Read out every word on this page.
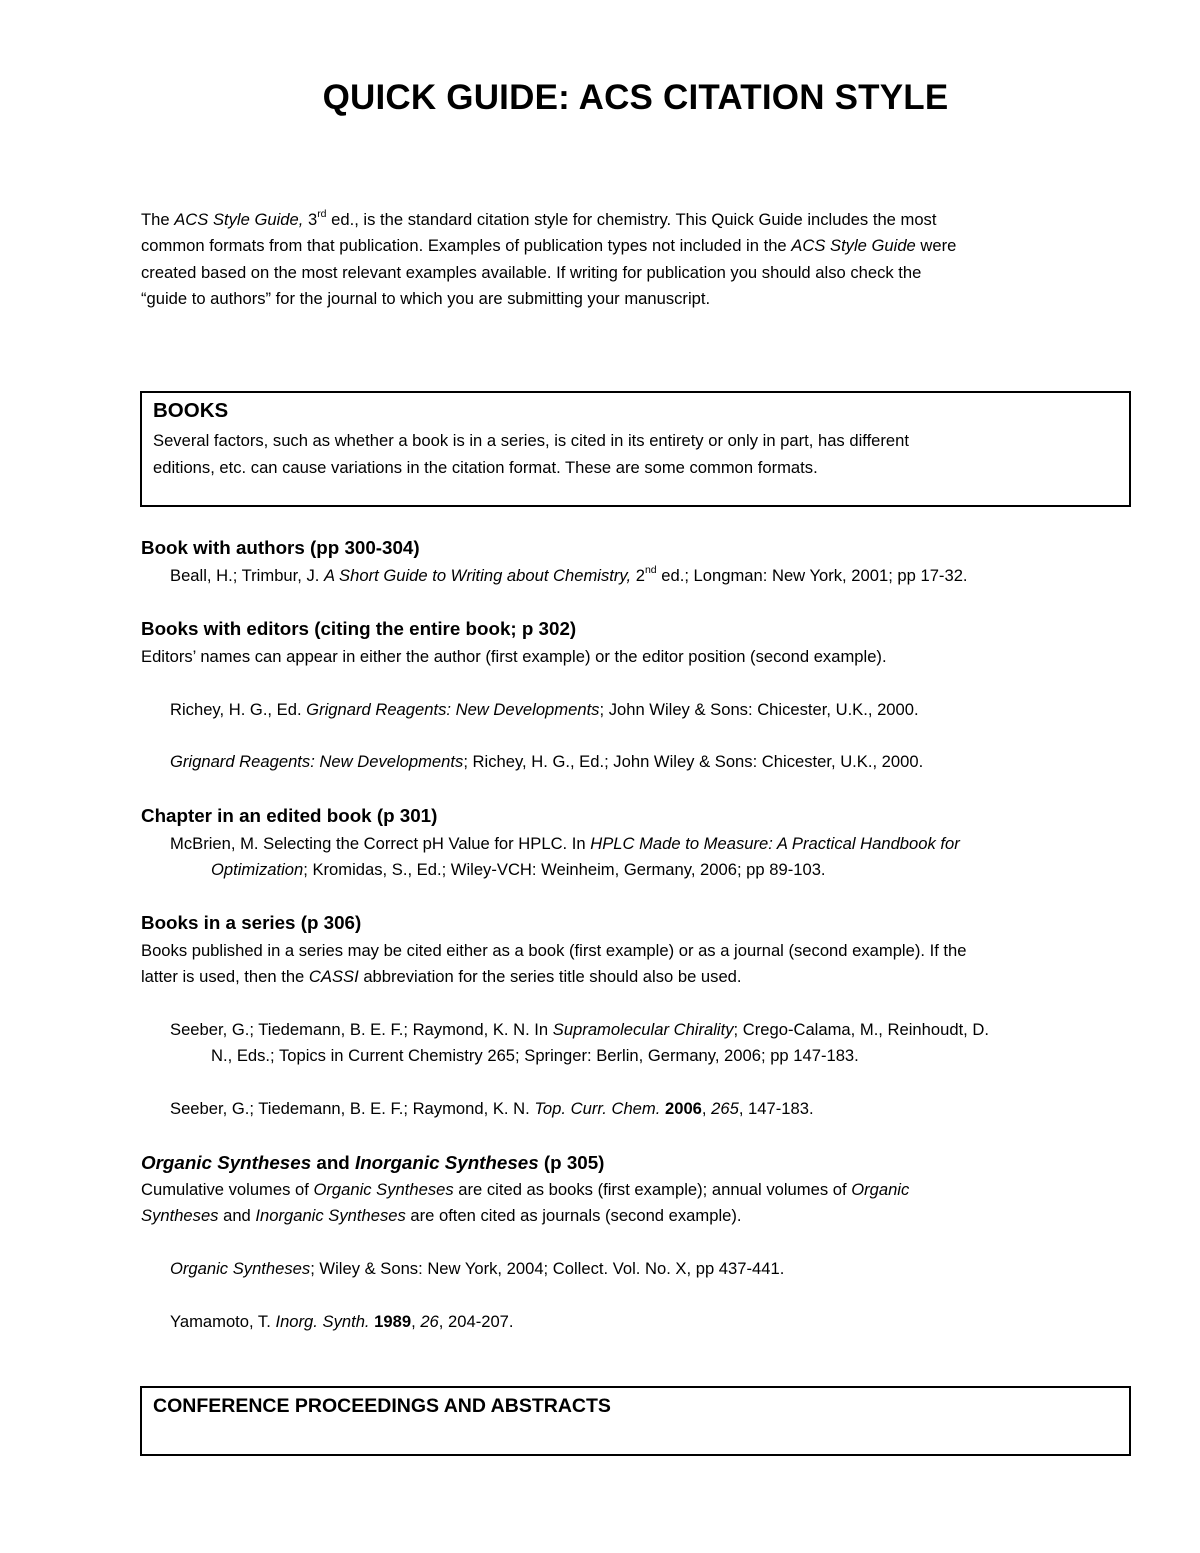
QUICK GUIDE: ACS CITATION STYLE
The ACS Style Guide, 3rd ed., is the standard citation style for chemistry. This Quick Guide includes the most
common formats from that publication. Examples of publication types not included in the ACS Style Guide were
created based on the most relevant examples available. If writing for publication you should also check the
“guide to authors” for the journal to which you are submitting your manuscript.
BOOKS
Several factors, such as whether a book is in a series, is cited in its entirety or only in part, has different
editions, etc. can cause variations in the citation format. These are some common formats.
Book with authors (pp 300-304)
Beall, H.; Trimbur, J. A Short Guide to Writing about Chemistry, 2nd ed.; Longman: New York, 2001; pp 17-32.
Books with editors (citing the entire book; p 302)
Editors’ names can appear in either the author (first example) or the editor position (second example).
Richey, H. G., Ed. Grignard Reagents: New Developments; John Wiley & Sons: Chicester, U.K., 2000.
Grignard Reagents: New Developments; Richey, H. G., Ed.; John Wiley & Sons: Chicester, U.K., 2000.
Chapter in an edited book (p 301)
McBrien, M. Selecting the Correct pH Value for HPLC. In HPLC Made to Measure: A Practical Handbook for
Optimization; Kromidas, S., Ed.; Wiley-VCH: Weinheim, Germany, 2006; pp 89-103.
Books in a series (p 306)
Books published in a series may be cited either as a book (first example) or as a journal (second example). If the
latter is used, then the CASSI abbreviation for the series title should also be used.
Seeber, G.; Tiedemann, B. E. F.; Raymond, K. N. In Supramolecular Chirality; Crego-Calama, M., Reinhoudt, D.
N., Eds.; Topics in Current Chemistry 265; Springer: Berlin, Germany, 2006; pp 147-183.
Seeber, G.; Tiedemann, B. E. F.; Raymond, K. N. Top. Curr. Chem. 2006, 265, 147-183.
Organic Syntheses and Inorganic Syntheses (p 305)
Cumulative volumes of Organic Syntheses are cited as books (first example); annual volumes of Organic
Syntheses and Inorganic Syntheses are often cited as journals (second example).
Organic Syntheses; Wiley & Sons: New York, 2004; Collect. Vol. No. X, pp 437-441.
Yamamoto, T. Inorg. Synth. 1989, 26, 204-207.
CONFERENCE PROCEEDINGS AND ABSTRACTS
